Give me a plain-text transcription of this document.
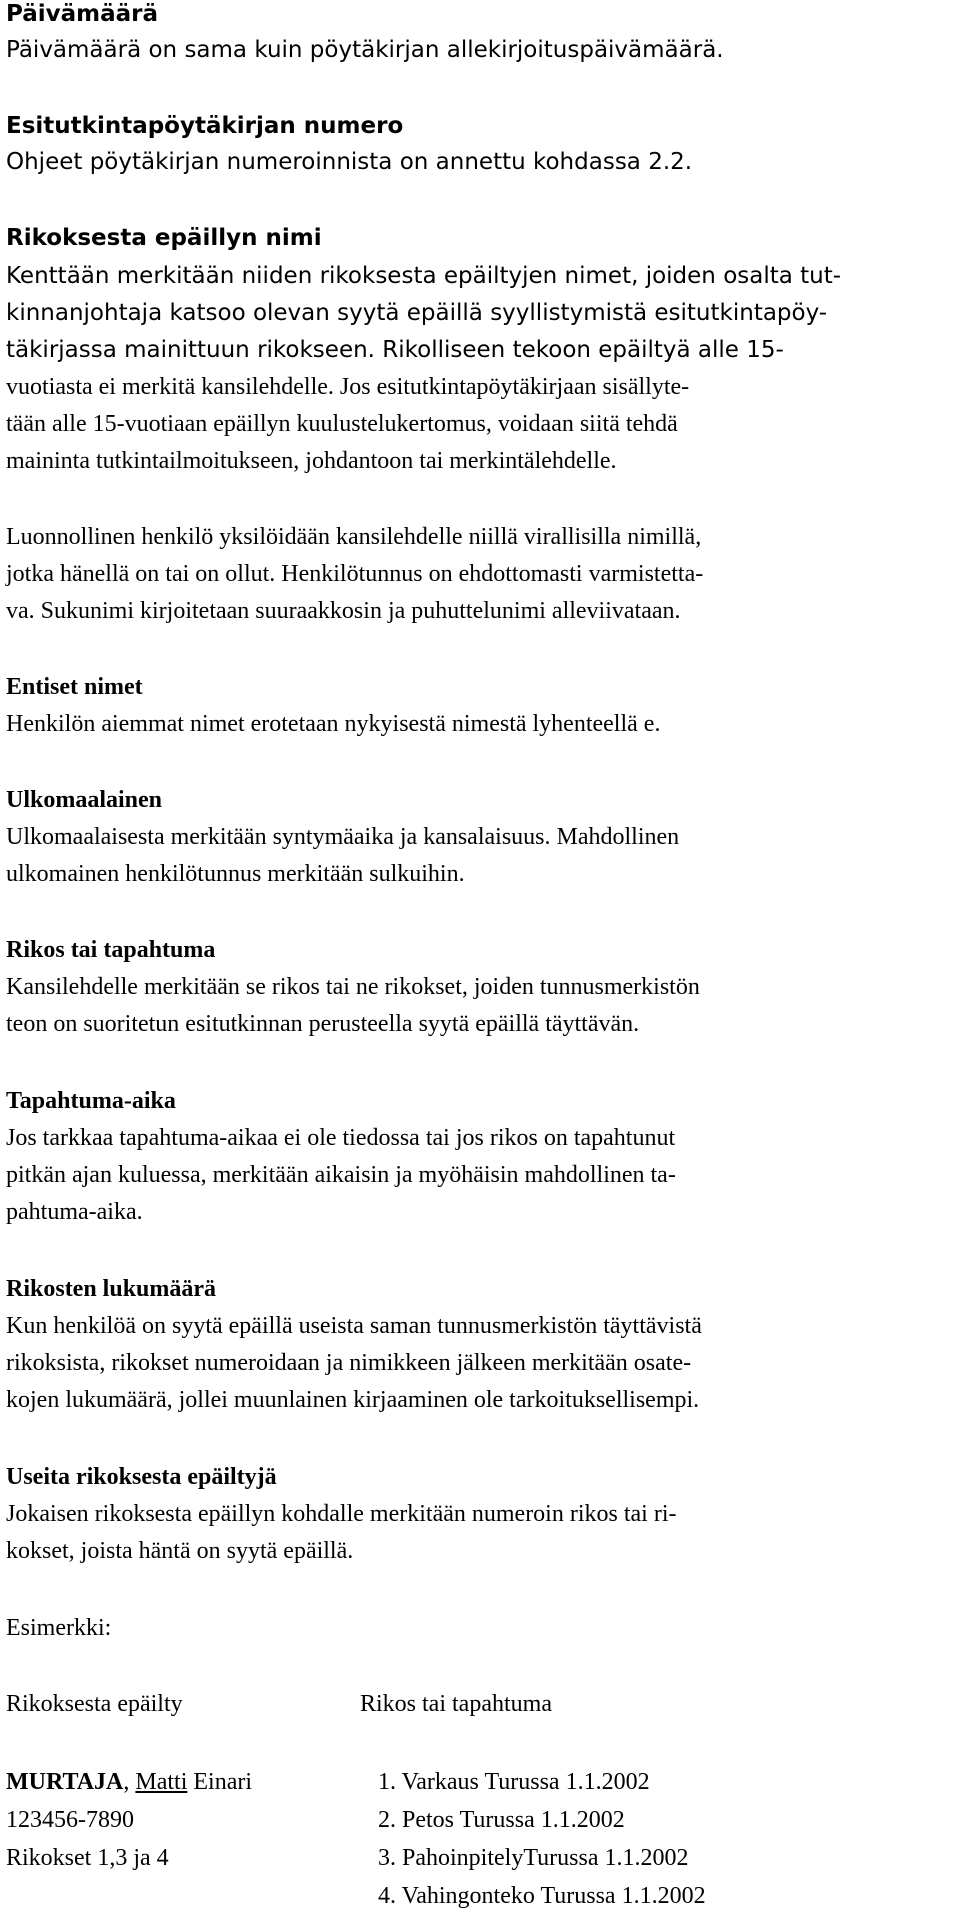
Päivämäärä
Päivämäärä on sama kuin pöytäkirjan allekirjoituspäivämäärä.
Esitutkintapöytäkirjan numero
Ohjeet pöytäkirjan numeroinnista on annettu kohdassa 2.2.
Rikoksesta epäillyn nimi
Kenttään merkitään niiden rikoksesta epäiltyjen nimet, joiden osalta tut-
kinnanjohtaja katsoo olevan syytä epäillä syyllistymistä esitutkintapöy-
täkirjassa mainittuun rikokseen. Rikolliseen tekoon epäiltyä alle 15-
vuotiasta ei merkitä kansilehdelle. Jos esitutkintapöytäkirjaan sisällyte-
tään alle 15-vuotiaan epäillyn kuulustelukertomus, voidaan siitä tehdä
maininta tutkintailmoitukseen, johdantoon tai merkintälehdelle.
Luonnollinen henkilö yksilöidään kansilehdelle niillä virallisilla nimillä,
jotka hänellä on tai on ollut. Henkilötunnus on ehdottomasti varmistetta-
va. Sukunimi kirjoitetaan suuraakkosin ja puhuttelunimi alleviivataan.
Entiset nimet
Henkilön aiemmat nimet erotetaan nykyisestä nimestä lyhenteellä e.
Ulkomaalainen
Ulkomaalaisesta merkitään syntymäaika ja kansalaisuus. Mahdollinen
ulkomainen henkilötunnus merkitään sulkuihin.
Rikos tai tapahtuma
Kansilehdelle merkitään se rikos tai ne rikokset, joiden tunnusmerkistön
teon on suoritetun esitutkinnan perusteella syytä epäillä täyttävän.
Tapahtuma-aika
Jos tarkkaa tapahtuma-aikaa ei ole tiedossa tai jos rikos on tapahtunut
pitkän ajan kuluessa, merkitään aikaisin ja myöhäisin mahdollinen ta-
pahtuma-aika.
Rikosten lukumäärä
Kun henkilöä on syytä epäillä useista saman tunnusmerkistön täyttävistä
rikoksista, rikokset numeroidaan ja nimikkeen jälkeen merkitään osate-
kojen lukumäärä, jollei muunlainen kirjaaminen ole tarkoituksellisempi.
Useita rikoksesta epäiltyjä
Jokaisen rikoksesta epäillyn kohdalle merkitään numeroin rikos tai ri-
kokset, joista häntä on syytä epäillä.
Esimerkki:
Rikoksesta epäilty	Rikos tai tapahtuma
MURTAJA, Matti Einari	1. Varkaus Turussa 1.1.2002
123456-7890	2. Petos Turussa 1.1.2002
Rikokset 1,3 ja 4	3. PahoinpitelyTurussa 1.1.2002
4. Vahingonteko Turussa 1.1.2002
